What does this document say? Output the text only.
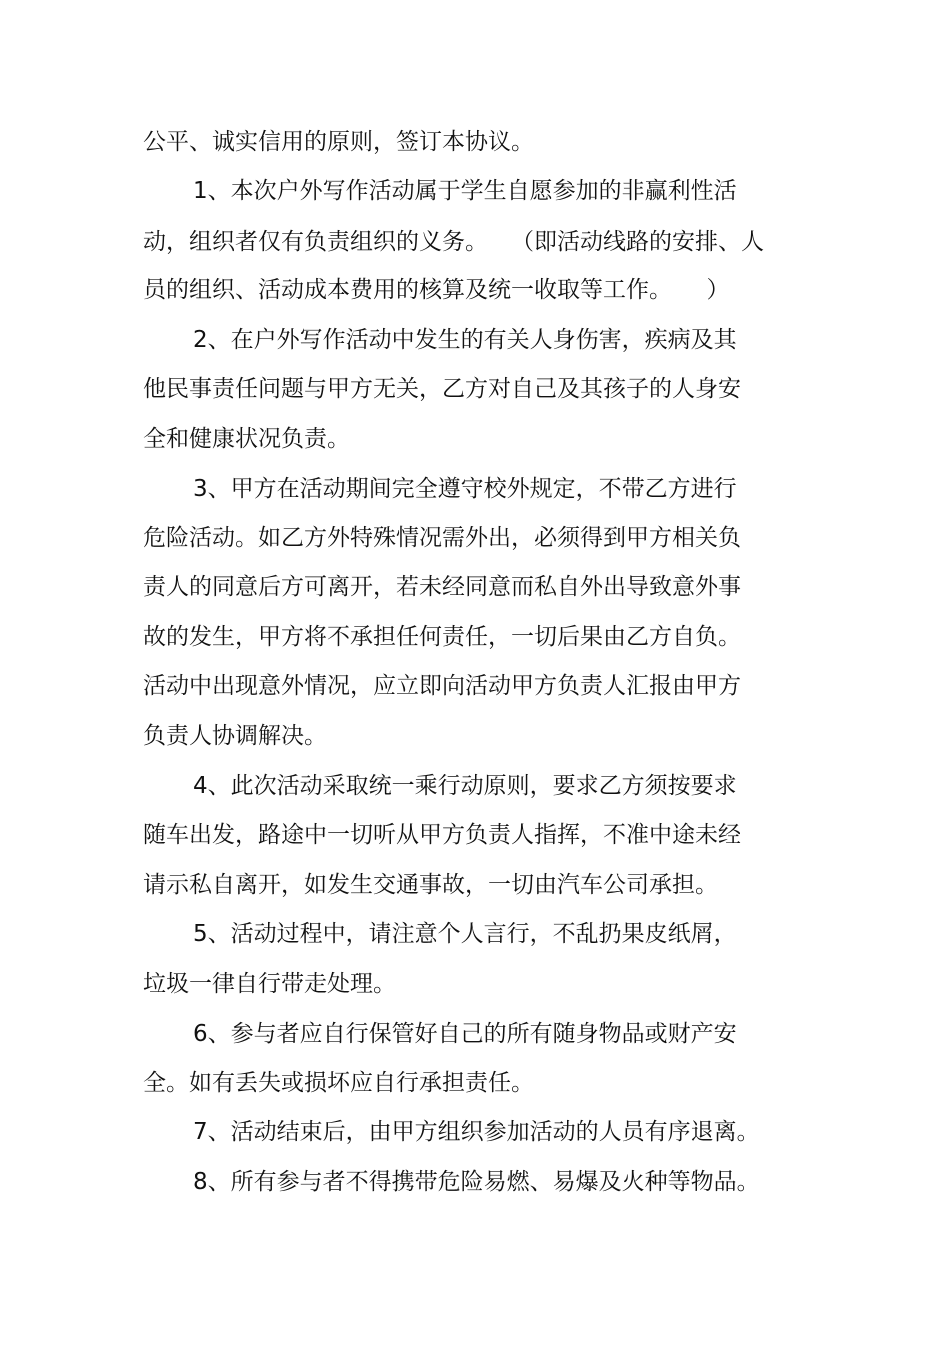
公平、诚实信用的原则，签订本协议。
1、本次户外写作活动属于学生自愿参加的非赢利性活
动，组织者仅有负责组织的义务。　　（即活动线路的安排、人
员的组织、活动成本费用的核算及统一收取等工作。　　）
2、在户外写作活动中发生的有关人身伤害，疾病及其
他民事责任问题与甲方无关，乙方对自己及其孩子的人身安
全和健康状况负责。
3、甲方在活动期间完全遵守校外规定，不带乙方进行
危险活动。如乙方外特殊情况需外出，必须得到甲方相关负
责人的同意后方可离开，若未经同意而私自外出导致意外事
故的发生，甲方将不承担任何责任，一切后果由乙方自负。
活动中出现意外情况，应立即向活动甲方负责人汇报由甲方
负责人协调解决。
4、此次活动采取统一乘行动原则，要求乙方须按要求
随车出发，路途中一切听从甲方负责人指挥，不准中途未经
请示私自离开，如发生交通事故，一切由汽车公司承担。
5、活动过程中，请注意个人言行，不乱扔果皮纸屑，
垃圾一律自行带走处理。
6、参与者应自行保管好自己的所有随身物品或财产安
全。如有丢失或损坏应自行承担责任。
7、活动结束后，由甲方组织参加活动的人员有序退离。
8、所有参与者不得携带危险易燃、易爆及火种等物品。
